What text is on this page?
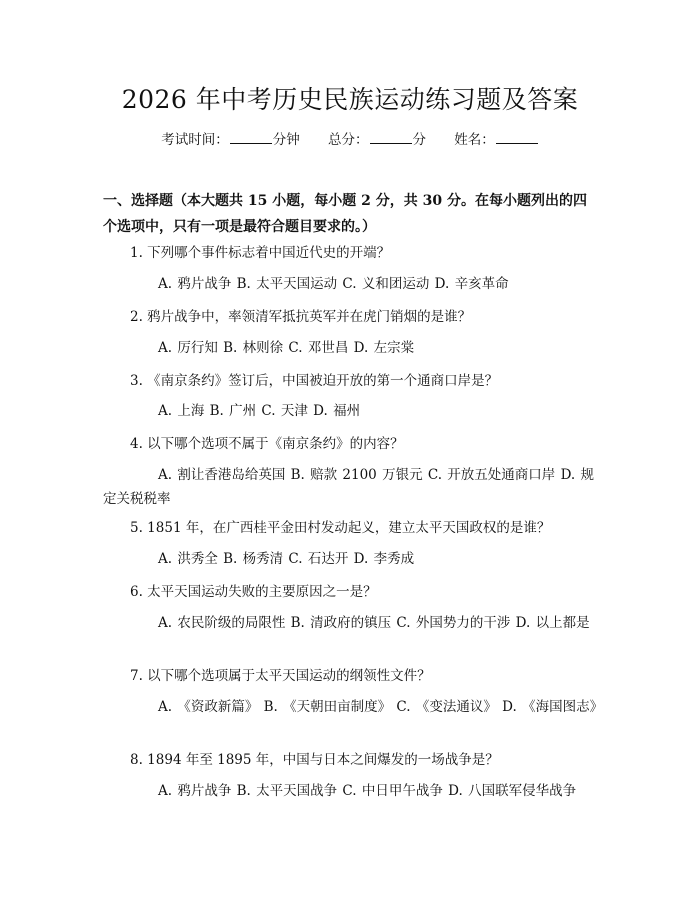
2026 年中考历史民族运动练习题及答案
考试时间：	分钟 总分：	分 姓名：
一、选择题（本大题共 15 小题，每小题 2 分，共 30 分。在每小题列出的四个选项中，只有一项是最符合题目要求的。）
1. 下列哪个事件标志着中国近代史的开端？
A. 鸦片战争 B. 太平天国运动 C. 义和团运动 D. 辛亥革命
2. 鸦片战争中，率领清军抵抗英军并在虎门销烟的是谁？
A. 厉行知 B. 林则徐 C. 邓世昌 D. 左宗棠
3. 《南京条约》签订后，中国被迫开放的第一个通商口岸是？
A. 上海 B. 广州 C. 天津 D. 福州
4. 以下哪个选项不属于《南京条约》的内容？
A. 割让香港岛给英国 B. 赔款 2100 万银元 C. 开放五处通商口岸 D. 规定关税税率
5. 1851 年，在广西桂平金田村发动起义，建立太平天国政权的是谁？
A. 洪秀全 B. 杨秀清 C. 石达开 D. 李秀成
6. 太平天国运动失败的主要原因之一是？
A. 农民阶级的局限性 B. 清政府的镇压 C. 外国势力的干涉 D. 以上都是
7. 以下哪个选项属于太平天国运动的纲领性文件？
A. 《资政新篇》 B. 《天朝田亩制度》 C. 《变法通议》 D. 《海国图志》
8. 1894 年至 1895 年，中国与日本之间爆发的一场战争是？
A. 鸦片战争 B. 太平天国战争 C. 中日甲午战争 D. 八国联军侵华战争
